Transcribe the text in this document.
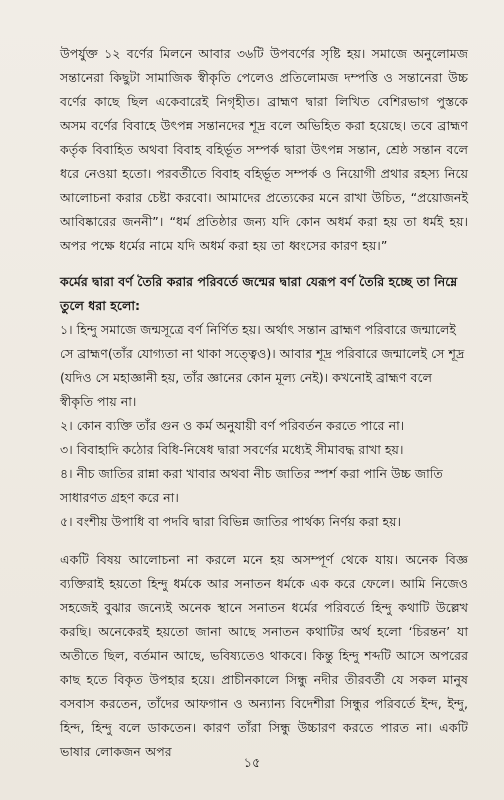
উপর্যুক্ত ১২ বর্ণের মিলনে আবার ৩৬টি উপবর্ণের সৃষ্টি হয়। সমাজে অনুলোমজ সন্তানেরা কিছুটা সামাজিক স্বীকৃতি পেলেও প্রতিলোমজ দম্পত্তি ও সন্তানেরা উচ্চ বর্ণের কাছে ছিল একেবারেই নিগৃহীত। ব্রাহ্মণ দ্বারা লিখিত বেশিরভাগ পুস্তকে অসম বর্ণের বিবাহে উৎপন্ন সন্তানদের শূদ্র বলে অভিহিত করা হয়েছে। তবে ব্রাহ্মণ কর্তৃক বিবাহিত অথবা বিবাহ বহির্ভূত সম্পর্ক দ্বারা উৎপন্ন সন্তান, শ্রেষ্ঠ সন্তান বলে ধরে নেওয়া হতো। পরবর্তীতে বিবাহ বহির্ভূত সম্পর্ক ও নিয়োগী প্রথার রহস্য নিয়ে আলোচনা করার চেষ্টা করবো। আমাদের প্রত্যেকের মনে রাখা উচিত, “প্রয়োজনই আবিষ্কারের জননী”। “ধর্ম প্রতিষ্ঠার জন্য যদি কোন অধর্ম করা হয় তা ধর্মই হয়। অপর পক্ষে ধর্মের নামে যদি অধর্ম করা হয় তা ধ্বংসের কারণ হয়।”

কর্মের দ্বারা বর্ণ তৈরি করার পরিবর্তে জন্মের দ্বারা যেরূপ বর্ণ তৈরি হচ্ছে তা নিম্নে তুলে ধরা হলো:

১। হিন্দু সমাজে জন্মসূত্রে বর্ণ নির্ণিত হয়। অর্থাৎ সন্তান ব্রাহ্মণ পরিবারে জন্মালেই সে ব্রাহ্মণ(তাঁর যোগ্যতা না থাকা সত্ত্বেও)। আবার শূদ্র পরিবারে জন্মালেই সে শূদ্র (যদিও সে মহাজ্ঞানী হয়, তাঁর জ্ঞানের কোন মূল্য নেই)। কখনোই ব্রাহ্মণ বলে স্বীকৃতি পায় না।
২। কোন ব্যক্তি তাঁর গুন ও কর্ম অনুযায়ী বর্ণ পরিবর্তন করতে পারে না।
৩। বিবাহাদি কঠোর বিধি-নিষেধ দ্বারা সবর্ণের মধ্যেই সীমাবদ্ধ রাখা হয়।
৪। নীচ জাতির রান্না করা খাবার অথবা নীচ জাতির স্পর্শ করা পানি উচ্চ জাতি সাধারণত গ্রহণ করে না।
৫। বংশীয় উপাধি বা পদবি দ্বারা বিভিন্ন জাতির পার্থক্য নির্ণয় করা হয়।

একটি বিষয় আলোচনা না করলে মনে হয় অসম্পূর্ণ থেকে যায়। অনেক বিজ্ঞ ব্যক্তিরাই হয়তো হিন্দু ধর্মকে আর সনাতন ধর্মকে এক করে ফেলে। আমি নিজেও সহজেই বুঝার জন্যেই অনেক স্থানে সনাতন ধর্মের পরিবর্তে হিন্দু কথাটি উল্লেখ করছি। অনেকেরই হয়তো জানা আছে সনাতন কথাটির অর্থ হলো ‘চিরন্তন’ যা অতীতে ছিল, বর্তমান আছে, ভবিষ্যতেও থাকবে। কিন্তু হিন্দু শব্দটি আসে অপরের কাছ হতে বিকৃত উপহার হয়ে। প্রাচীনকালে সিন্ধু নদীর তীরবর্তী যে সকল মানুষ বসবাস করতেন, তাঁদের আফগান ও অন্যান্য বিদেশীরা সিন্ধুর পরিবর্তে ইন্দ, ইন্দু, হিন্দ, হিন্দু বলে ডাকতেন। কারণ তাঁরা সিন্ধু উচ্চারণ করতে পারত না। একটি ভাষার লোকজন অপর

১৫
